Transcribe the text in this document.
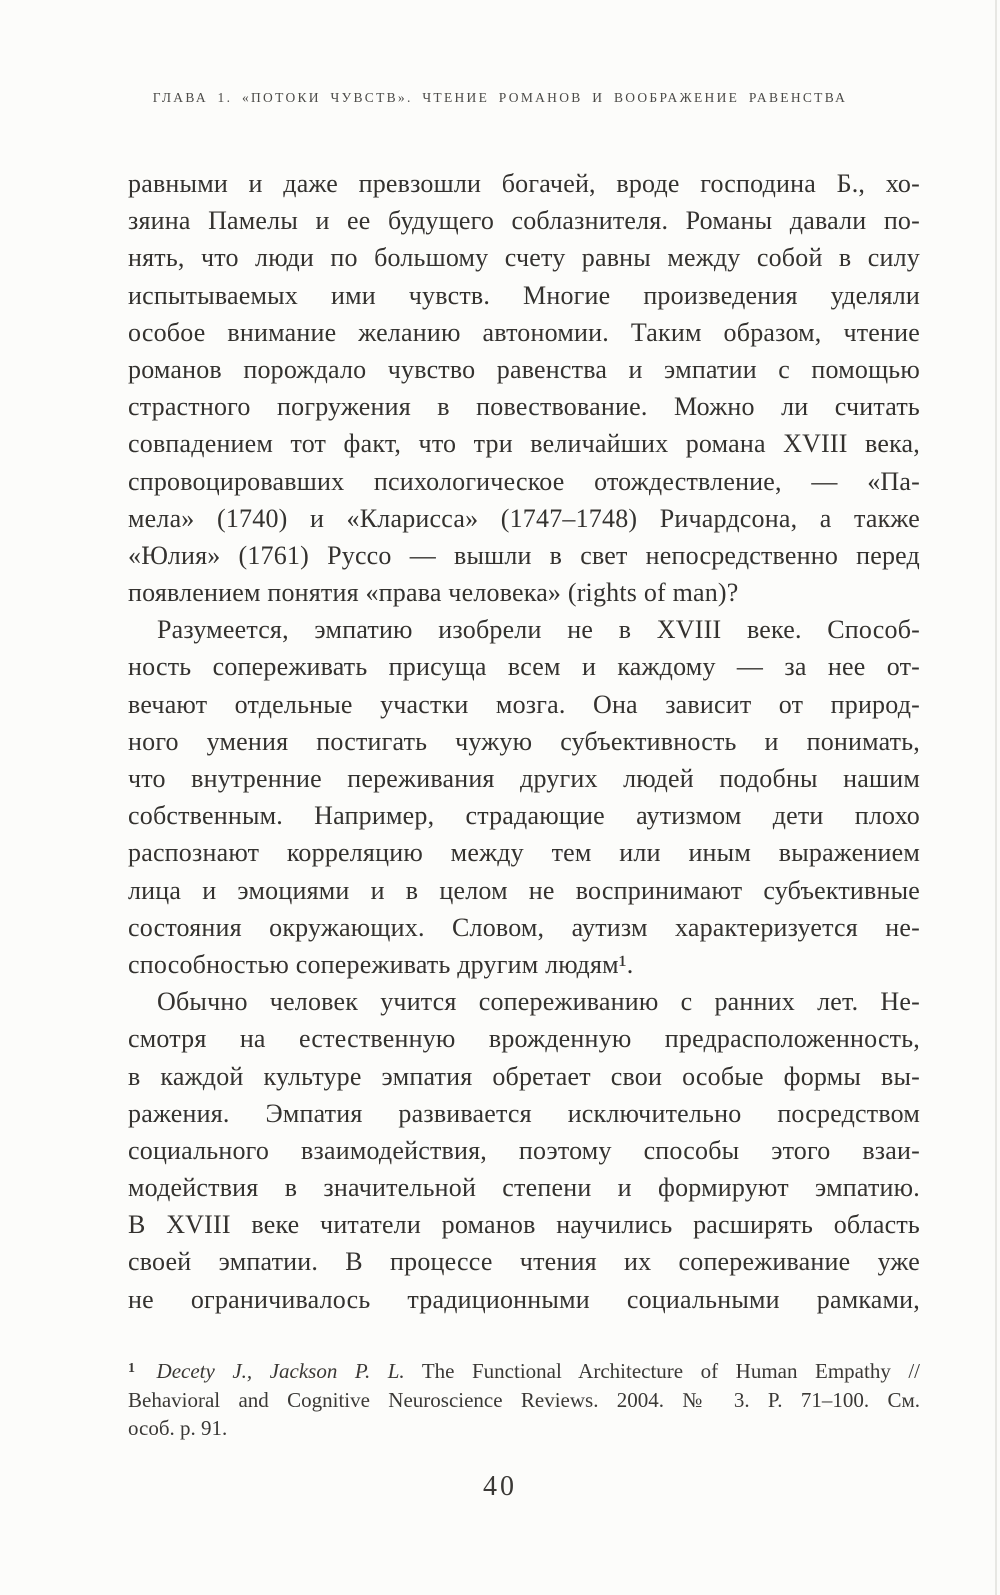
ГЛАВА 1. «ПОТОКИ ЧУВСТВ». ЧТЕНИЕ РОМАНОВ И ВООБРАЖЕНИЕ РАВЕНСТВА
равными и даже превзошли богачей, вроде господина Б., хо-
зяина Памелы и ее будущего соблазнителя. Романы давали по-
нять, что люди по большому счету равны между собой в силу
испытываемых ими чувств. Многие произведения уделяли
особое внимание желанию автономии. Таким образом, чтение
романов порождало чувство равенства и эмпатии с помощью
страстного погружения в повествование. Можно ли считать
совпадением тот факт, что три величайших романа XVIII века,
спровоцировавших психологическое отождествление, — «Па-
мела» (1740) и «Кларисса» (1747–1748) Ричардсона, а также
«Юлия» (1761) Руссо — вышли в свет непосредственно перед
появлением понятия «права человека» (rights of man)?
Разумеется, эмпатию изобрели не в XVIII веке. Способ-
ность сопереживать присуща всем и каждому — за нее от-
вечают отдельные участки мозга. Она зависит от природ-
ного умения постигать чужую субъективность и понимать,
что внутренние переживания других людей подобны нашим
собственным. Например, страдающие аутизмом дети плохо
распознают корреляцию между тем или иным выражением
лица и эмоциями и в целом не воспринимают субъективные
состояния окружающих. Словом, аутизм характеризуется не-
способностью сопереживать другим людям¹.
Обычно человек учится сопереживанию с ранних лет. Не-
смотря на естественную врожденную предрасположенность,
в каждой культуре эмпатия обретает свои особые формы вы-
ражения. Эмпатия развивается исключительно посредством
социального взаимодействия, поэтому способы этого взаи-
модействия в значительной степени и формируют эмпатию.
В XVIII веке читатели романов научились расширять область
своей эмпатии. В процессе чтения их сопереживание уже
не ограничивалось традиционными социальными рамками,
$^1$ Decety J., Jackson P. L. The Functional Architecture of Human Empathy //
Behavioral and Cognitive Neuroscience Reviews. 2004. № 3. P. 71–100. См.
особ. p. 91.
40
